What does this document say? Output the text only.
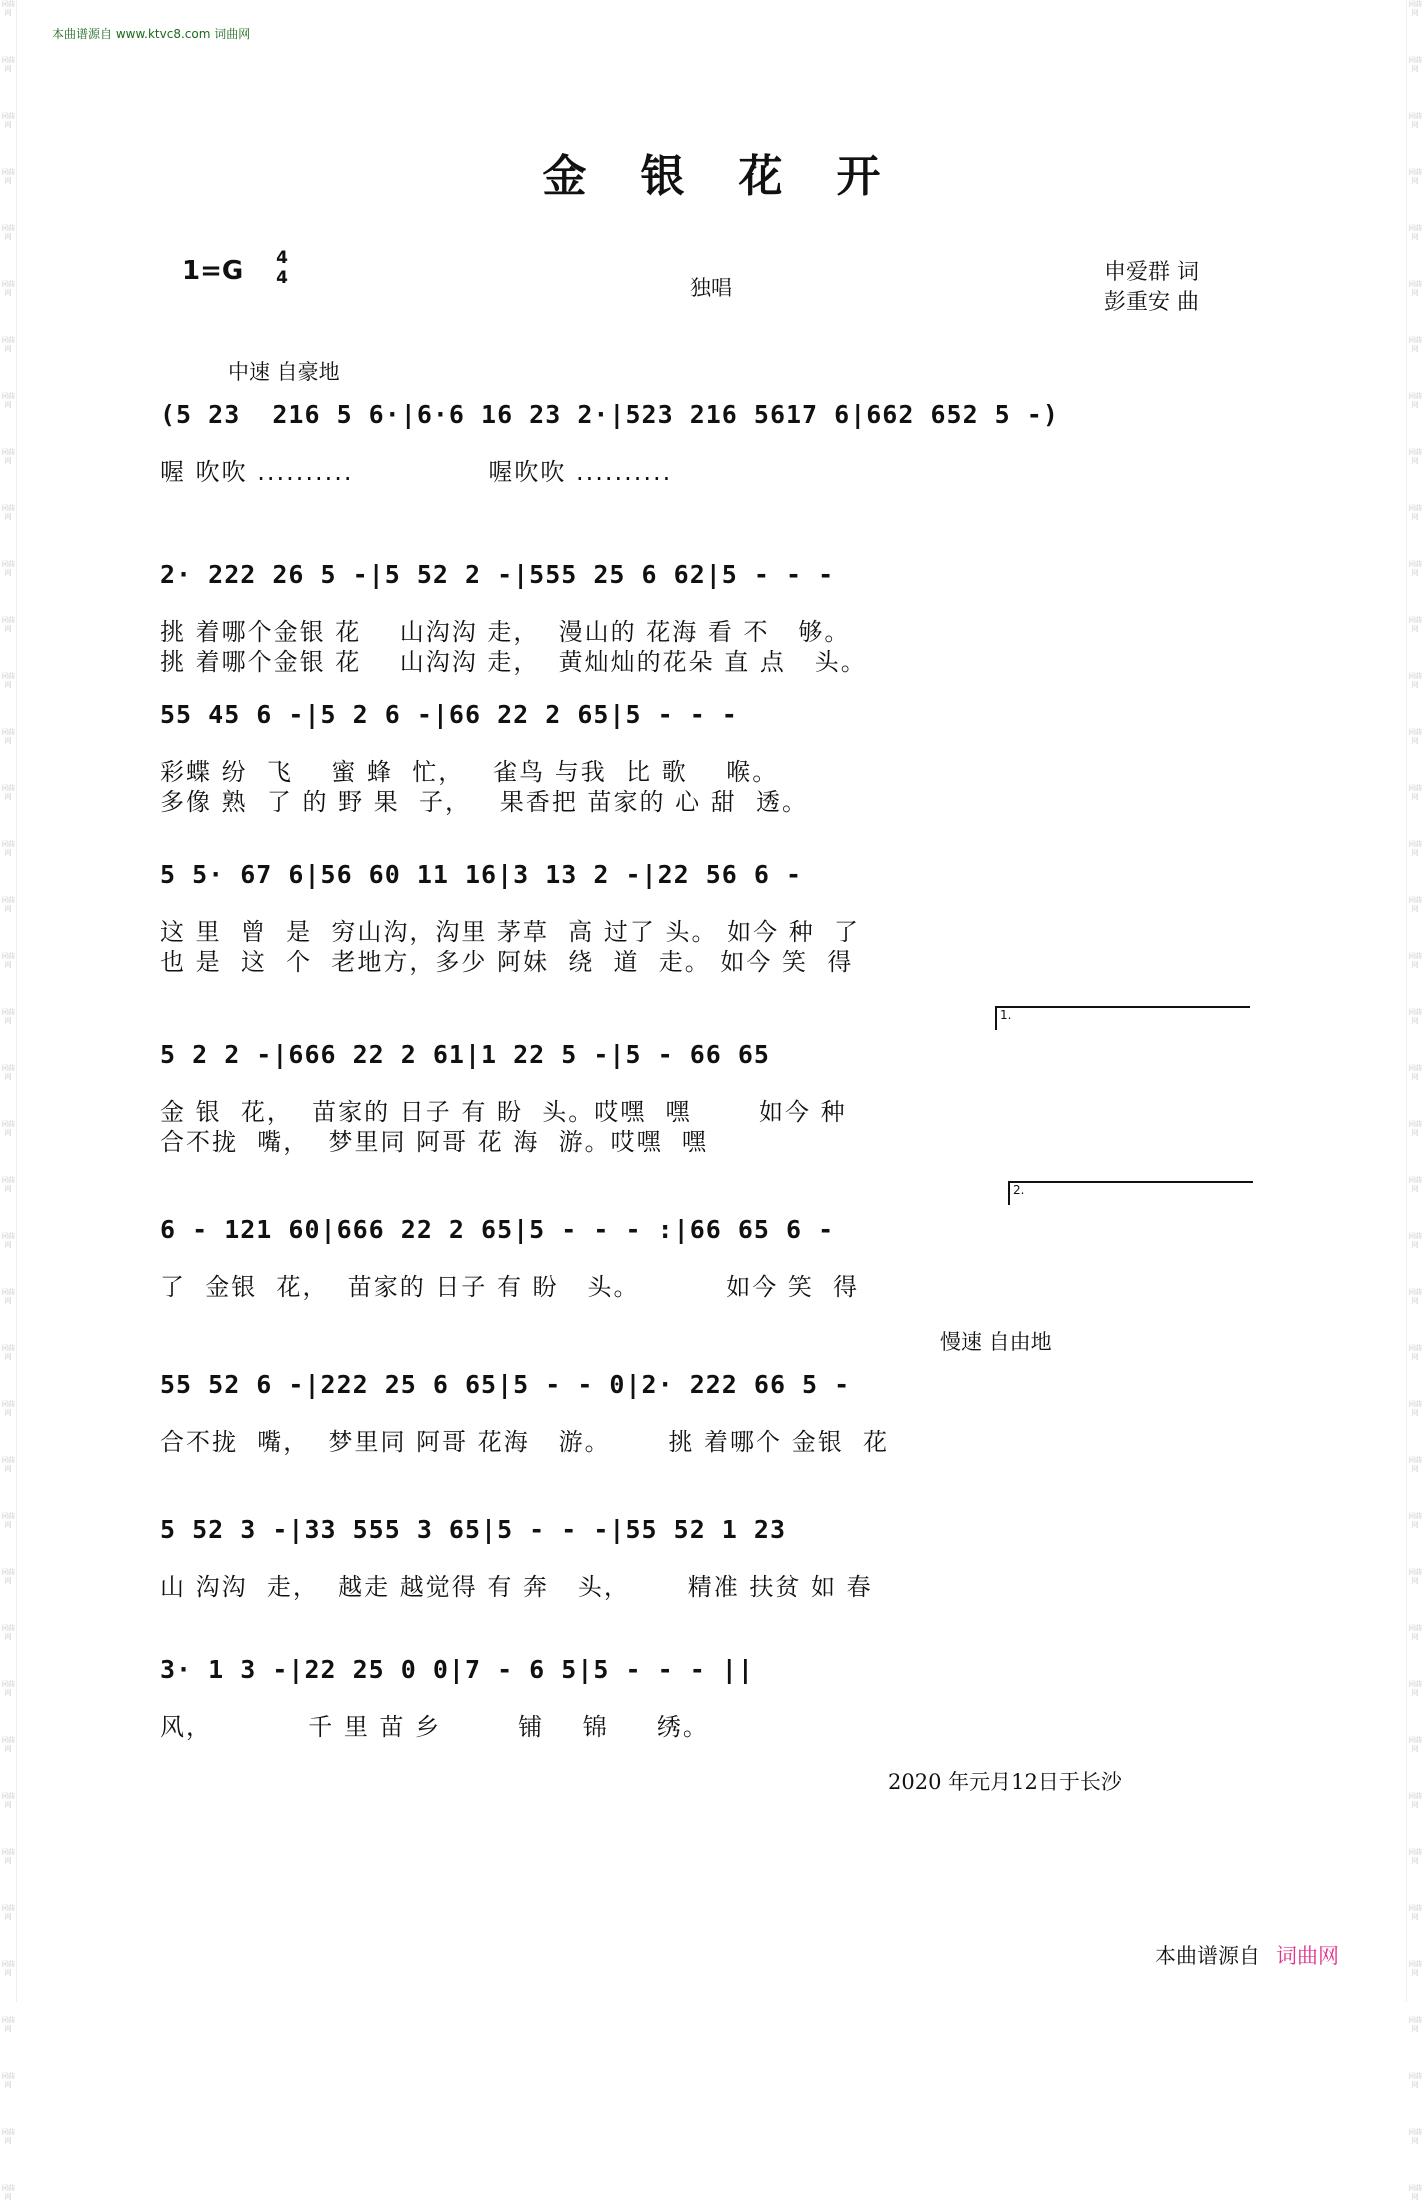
词曲网
词曲网
词曲网
词曲网
词曲网
词曲网
词曲网
词曲网
词曲网
词曲网
词曲网
词曲网
词曲网
词曲网
词曲网
词曲网
词曲网
词曲网
词曲网
词曲网
词曲网
词曲网
词曲网
词曲网
词曲网
词曲网
词曲网
词曲网
词曲网
词曲网
词曲网
词曲网
词曲网
词曲网
词曲网
词曲网
词曲网
词曲网
词曲网
词曲网
词曲网
词曲网
词曲网
词曲网
词曲网
词曲网
词曲网
词曲网
词曲网
词曲网
词曲网
词曲网
词曲网
词曲网
词曲网
词曲网
词曲网
词曲网
词曲网
词曲网
词曲网
词曲网
词曲网
词曲网
词曲网
词曲网
词曲网
词曲网
词曲网
词曲网
词曲网
词曲网
词曲网
词曲网
词曲网
词曲网
词曲网
词曲网
词曲网
词曲网
本曲谱源自 www.ktvc8.com 词曲网
金银花开
1=G 4
4	独唱
申爱群 词
彭重安 曲
中速 自豪地
(5 23  216 5 6·|6·6 16 23 2·|523 216 5617 6|662 652 5 -)
喔 吹吹 ..........              喔吹吹 ..........
2· 222 26 5 -|5 52 2 -|555 25 6 62|5 - - -
挑 着哪个金银 花    山沟沟 走，  漫山的 花海 看 不   够。
挑 着哪个金银 花    山沟沟 走，  黄灿灿的花朵 直 点   头。
55 45 6 -|5 2 6 -|66 22 2 65|5 - - -
彩蝶 纷  飞    蜜 蜂  忙，   雀鸟 与我  比 歌    喉。
多像 熟  了 的 野 果  子，   果香把 苗家的 心 甜  透。
5 5· 67 6|56 60 11 16|3 13 2 -|22 56 6 -
这 里  曾  是  穷山沟，沟里 茅草  高 过了 头。 如今 种  了
也 是  这  个  老地方，多少 阿妹  绕  道  走。 如今 笑  得
1.
5 2 2 -|666 22 2 61|1 22 5 -|5 - 66 65
金 银  花，  苗家的 日子 有 盼  头。哎嘿  嘿       如今 种
合不拢  嘴，  梦里同 阿哥 花 海  游。哎嘿  嘿
2.
6 - 121 60|666 22 2 65|5 - - - :|66 65 6 -
了  金银  花，  苗家的 日子 有 盼   头。         如今 笑  得
慢速 自由地
55 52 6 -|222 25 6 65|5 - - 0|2· 222 66 5 -
合不拢  嘴，  梦里同 阿哥 花海   游。      挑 着哪个 金银  花
5 52 3 -|33 555 3 65|5 - - -|55 52 1 23
山 沟沟  走，  越走 越觉得 有 奔   头，      精准 扶贫 如 春
3· 1 3 -|22 25 0 0|7 - 6 5|5 - - - ||
风，          千 里 苗 乡        铺    锦     绣。
2020 年元月12日于长沙
本曲谱源自 词曲网
